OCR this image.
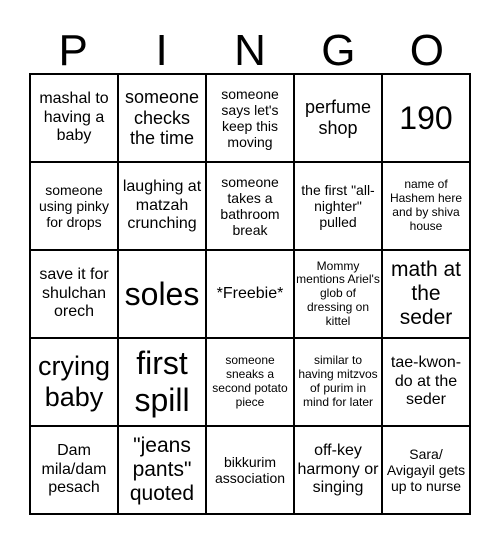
P	I	N	G	O
mashal to having a baby
someone checks the time
someone says let's keep this moving
perfume shop	190
someone using pinky for drops
laughing at matzah crunching
someone takes a bathroom break
the first "all-nighter" pulled
name of Hashem here and by shiva house
save it for shulchan orech
soles	*Freebie*
Mommy mentions Ariel's glob of dressing on kittel
math at the seder
crying baby
first spill
someone sneaks a second potato piece
similar to having mitzvos of purim in mind for later
tae-kwon-do at the seder
Dam mila/dam pesach
"jeans pants" quoted
bikkurim association
off-key harmony or singing
Sara/ Avigayil gets up to nurse
